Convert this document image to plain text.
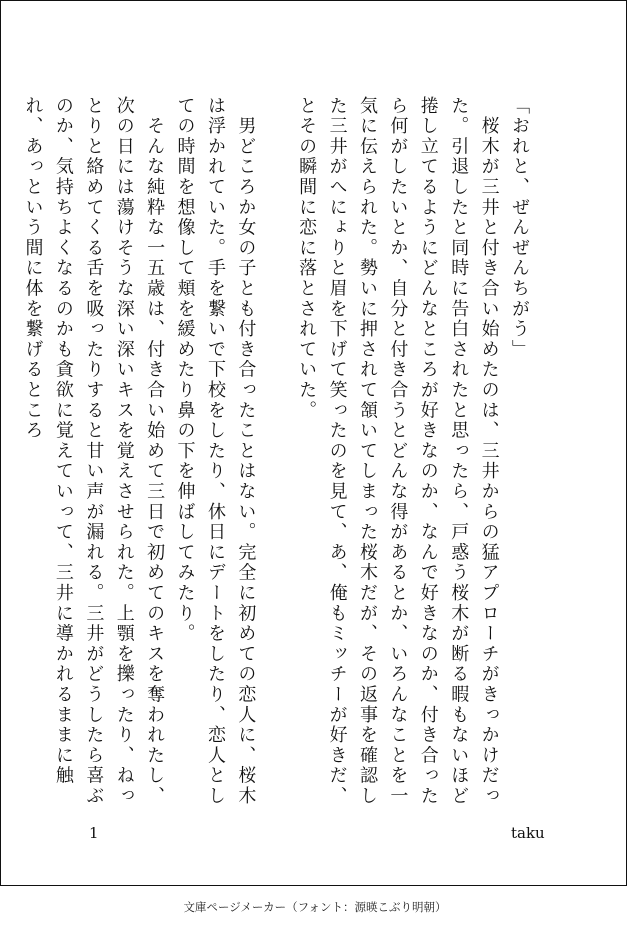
「おれと、ぜんぜんちがう」

　桜木が三井と付き合い始めたのは、三井からの猛アプローチがきっかけだった。引退したと同時に告白されたと思ったら、戸惑う桜木が断る暇もないほど捲し立てるようにどんなところが好きなのか、なんで好きなのか、付き合ったら何がしたいとか、自分と付き合うとどんな得があるとか、いろんなことを一気に伝えられた。勢いに押されて頷いてしまった桜木だが、その返事を確認した三井がへにょりと眉を下げて笑ったのを見て、あ、俺もミッチーが好きだ、とその瞬間に恋に落とされていた。

　男どころか女の子とも付き合ったことはない。完全に初めての恋人に、桜木は浮かれていた。手を繋いで下校をしたり、休日にデートをしたり、恋人としての時間を想像して頬を緩めたり鼻の下を伸ばしてみたり。

　そんな純粋な一五歳は、付き合い始めて三日で初めてのキスを奪われたし、次の日には蕩けそうな深い深いキスを覚えさせられた。上顎を擽ったり、ねっとりと絡めてくる舌を吸ったりすると甘い声が漏れる。三井がどうしたら喜ぶのか、気持ちよくなるのかも貪欲に覚えていって、三井に導かれるままに触れ、あっという間に体を繋げるところ

1	taku
文庫ページメーカー（フォント：源暎こぶり明朝）
